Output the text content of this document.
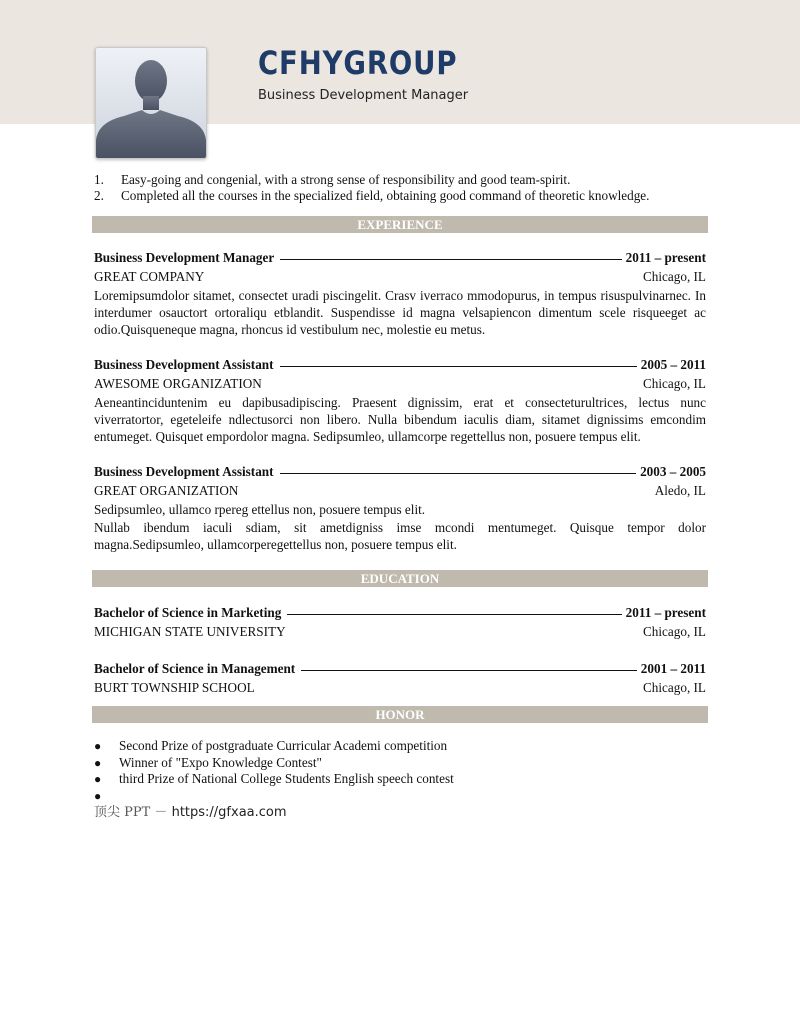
CFHYGROUP
Business Development Manager
1.	Easy-going and congenial, with a strong sense of responsibility and good team-spirit.
2.	Completed all the courses in the specialized field, obtaining good command of theoretic knowledge.
EXPERIENCE
Business Development Manager	2011 – present
GREAT COMPANY	Chicago, IL

Loremipsumdolor sitamet, consectet uradi piscingelit. Crasv iverraco mmodopurus, in tempus risuspulvinarnec. In interdumer osauctort ortoraliqu etblandit. Suspendisse id magna velsapiencon dimentum scele risqueeget ac odio.Quisqueneque magna, rhoncus id vestibulum nec, molestie eu metus.

Business Development Assistant	2005 – 2011
AWESOME ORGANIZATION	Chicago, IL

Aeneantinciduntenim eu dapibusadipiscing. Praesent dignissim, erat et consecteturultrices, lectus nunc viverratortor, egeteleife ndlectusorci non libero. Nulla bibendum iaculis diam, sitamet dignissims emcondim entumeget. Quisquet empordolor magna. Sedipsumleo, ullamcorpe regettellus non, posuere tempus elit.

Business Development Assistant	2003 – 2005
GREAT ORGANIZATION	Aledo, IL

Sedipsumleo, ullamco rpereg ettellus non, posuere tempus elit.

Nullab ibendum iaculi sdiam, sit ametdigniss imse mcondi mentumeget. Quisque tempor dolor magna.Sedipsumleo, ullamcorperegettellus non, posuere tempus elit.

EDUCATION
Bachelor of Science in Marketing	2011 – present
MICHIGAN STATE UNIVERSITY	Chicago, IL
Bachelor of Science in Management	2001 – 2011
BURT TOWNSHIP SCHOOL	Chicago, IL
HONOR
●	Second Prize of postgraduate Curricular Academi competition
●	Winner of "Expo Knowledge Contest"
●	third Prize of National College Students English speech contest
●
顶尖 PPT － https://gfxaa.com
